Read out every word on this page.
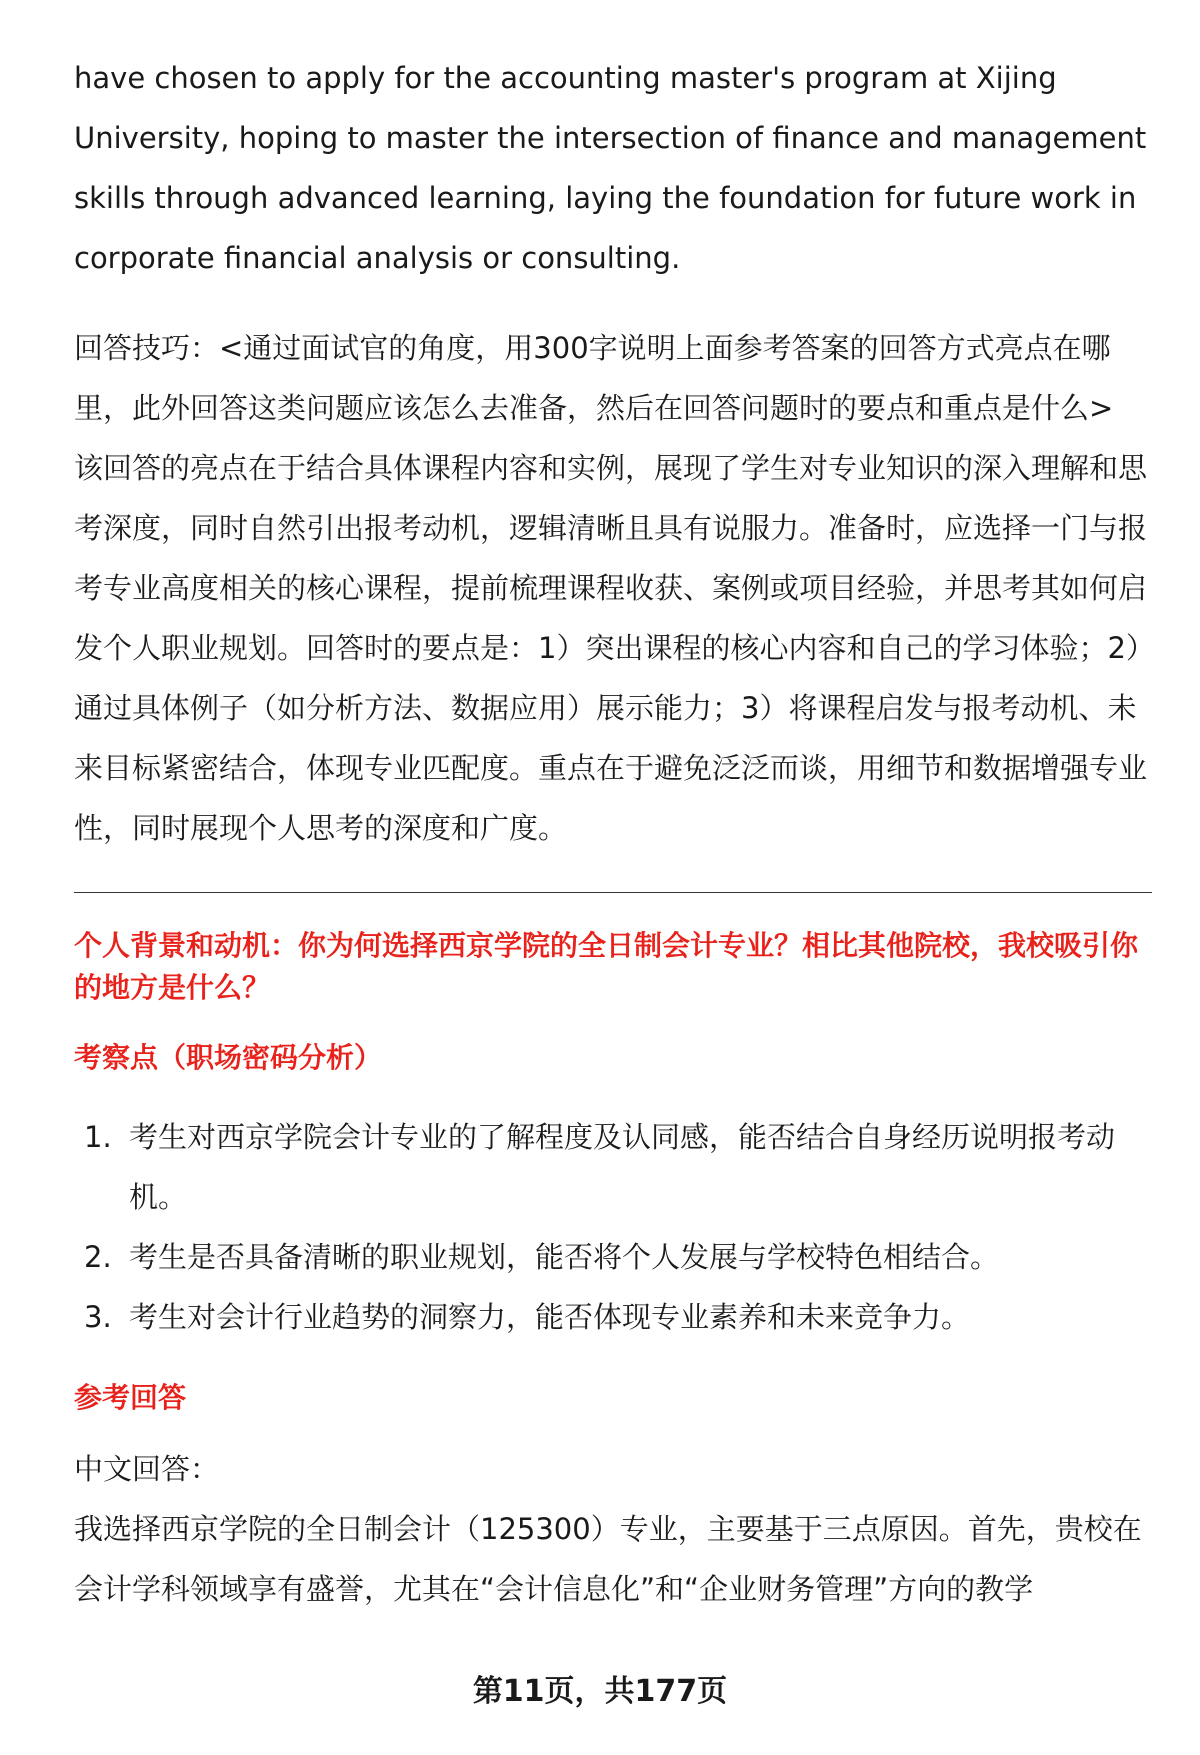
have chosen to apply for the accounting master's program at Xijing University, hoping to master the intersection of finance and management skills through advanced learning, laying the foundation for future work in corporate financial analysis or consulting.

回答技巧：<通过面试官的角度，用300字说明上面参考答案的回答方式亮点在哪里，此外回答这类问题应该怎么去准备，然后在回答问题时的要点和重点是什么>

该回答的亮点在于结合具体课程内容和实例，展现了学生对专业知识的深入理解和思考深度，同时自然引出报考动机，逻辑清晰且具有说服力。准备时，应选择一门与报考专业高度相关的核心课程，提前梳理课程收获、案例或项目经验，并思考其如何启发个人职业规划。回答时的要点是：1）突出课程的核心内容和自己的学习体验；2）通过具体例子（如分析方法、数据应用）展示能力；3）将课程启发与报考动机、未来目标紧密结合，体现专业匹配度。重点在于避免泛泛而谈，用细节和数据增强专业性，同时展现个人思考的深度和广度。

个人背景和动机：你为何选择西京学院的全日制会计专业？相比其他院校，我校吸引你的地方是什么？

考察点（职场密码分析）

1. 考生对西京学院会计专业的了解程度及认同感，能否结合自身经历说明报考动机。
2. 考生是否具备清晰的职业规划，能否将个人发展与学校特色相结合。
3. 考生对会计行业趋势的洞察力，能否体现专业素养和未来竞争力。

参考回答

中文回答：

我选择西京学院的全日制会计（125300）专业，主要基于三点原因。首先，贵校在会计学科领域享有盛誉，尤其在“会计信息化”和“企业财务管理”方向的教学

第11页，共177页
